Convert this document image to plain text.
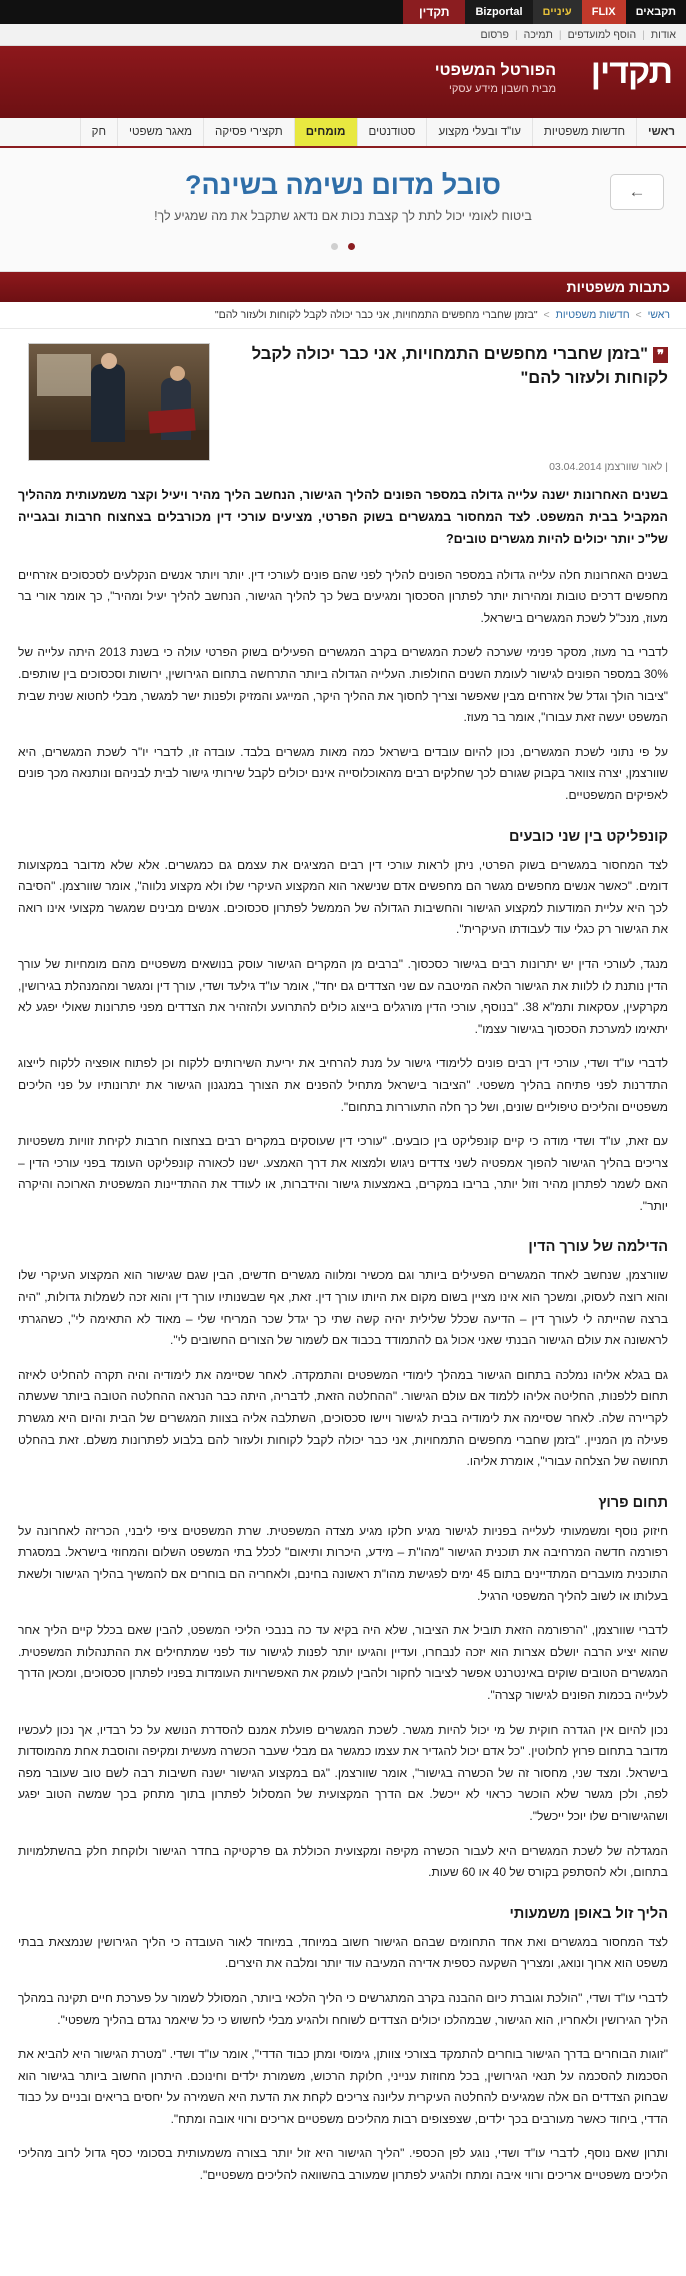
תקבאים
FLIX
עיניים
Bizportal
תקדין
אודות
|
הוסף למועדפים
|
תמיכה
|
פרסום
תקדין
הפורטל המשפטי
מבית חשבון מידע עסקי
ראשי
חדשות משפטיות
עו"ד ובעלי מקצוע
סטודנטים
מומחים
תקצירי פסיקה
מאגר משפטי
חק
←
סובל מדום נשימה בשינה?
ביטוח לאומי יכול לתת לך קצבת נכות אם נדאג שתקבל את מה שמגיע לך!

כתבות משפטיות
ראשי > חדשות משפטיות > "בזמן שחברי מחפשים התמחויות, אני כבר יכולה לקבל לקוחות ולעזור להם"
❞"בזמן שחברי מחפשים התמחויות, אני כבר יכולה לקבל לקוחות ולעזור להם"
| לאור שוורצמן 03.04.2014

בשנים האחרונות ישנה עלייה גדולה במספר הפונים להליך הגישור, הנחשב הליך מהיר ויעיל וקצר משמעותית מההליך המקביל בבית המשפט. לצד המחסור במגשרים בשוק הפרטי, מציעים עורכי דין מכורבלים בצחצוח חרבות ובגבייה של"כ יותר יכולים להיות מגשרים טובים?

בשנים האחרונות חלה עלייה גדולה במספר הפונים להליך לפני שהם פונים לעורכי דין. יותר ויותר אנשים הנקלעים לסכסוכים אזרחיים מחפשים דרכים טובות ומהירות יותר לפתרון הסכסוך ומגיעים בשל כך להליך הגישור, הנחשב להליך יעיל ומהיר", כך אומר אורי בר מעוז, מנכ"ל לשכת המגשרים בישראל.

לדברי בר מעוז, מסקר פנימי שערכה לשכת המגשרים בקרב המגשרים הפעילים בשוק הפרטי עולה כי בשנת 2013 היתה עלייה של 30% במספר הפונים לגישור לעומת השנים החולפות. העלייה הגדולה ביותר התרחשה בתחום הגירושין, ירושות וסכסוכים בין שותפים. "ציבור הולך וגדל של אזרחים מבין שאפשר וצריך לחסוך את ההליך היקר, המייגע והמזיק ולפנות ישר למגשר, מבלי לחטוא שנית שבית המשפט יעשה זאת עבורו", אומר בר מעוז.

על פי נתוני לשכת המגשרים, נכון להיום עובדים בישראל כמה מאות מגשרים בלבד. עובדה זו, לדברי יו"ר לשכת המגשרים, היא שוורצמן, יצרה צוואר בקבוק שגורם לכך שחלקים רבים מהאוכלוסייה אינם יכולים לקבל שירותי גישור לבית לבניהם ונותנאה מכך פונים לאפיקים המשפטיים.

קונפליקט בין שני כובעים

לצד המחסור במגשרים בשוק הפרטי, ניתן לראות עורכי דין רבים המציגים את עצמם גם כמגשרים. אלא שלא מדובר במקצועות דומים. "כאשר אנשים מחפשים מגשר הם מחפשים אדם שנישאר הוא המקצוע העיקרי שלו ולא מקצוע נלווה", אומר שוורצמן. "הסיבה לכך היא עליית המודעות למקצוע הגישור והחשיבות הגדולה של הממשל לפתרון סכסוכים. אנשים מבינים שמגשר מקצועי אינו רואה את הגישור רק כגלי עוד לעבודתו העיקרית".

מנגד, לעורכי הדין יש יתרונות רבים בגישור כסכסוך. "ברבים מן המקרים הגישור עוסק בנושאים משפטיים מהם מומחיות של עורך הדין נותנת לו ללוות את הגישור הלאה המיטבה עם שני הצדדים גם יחד", אומר עו"ד גילעד ושדי, עורך דין ומגשר ומהמנהלת בגירושין, מקרקעין, עסקאות ותמ"א 38. "בנוסף, עורכי הדין מורגלים בייצוג כולים להתרועע ולהזהיר את הצדדים מפני פתרונות שאולי יפגע לא יתאימו למערכת הסכסוך בגישור עצמו".

לדברי עו"ד ושדי, עורכי דין רבים פונים ללימודי גישור על מנת להרחיב את יריעת השירותים ללקוח וכן לפתוח אופציה ללקוח לייצוג התדרנות לפני פתיחה בהליך משפטי. "הציבור בישראל מתחיל להפנים את הצורך במנגנון הגישור את יתרונותיו על פני הליכים משפטיים והליכים טיפוליים שונים, ושל כך חלה התעוררות בתחום".

עם זאת, עו"ד ושדי מודה כי קיים קונפליקט בין כובעים. "עורכי דין שעוסקים במקרים רבים בצחצוח חרבות לקיחת זוויות משפטיות צריכים בהליך הגישור להפוך אמפטיה לשני צדדים ניגוש ולמצוא את דרך האמצע. ישנו לכאורה קונפליקט העומד בפני עורכי הדין – האם לשמר לפתרון מהיר וזול יותר, בריבו במקרים, באמצעות גישור והידברות, או לעודד את ההתדיינות המשפטית הארוכה והיקרה יותר".

הדילמה של עורך הדין

שוורצמן, שנחשב לאחד המגשרים הפעילים ביותר וגם מכשיר ומלווה מגשרים חדשים, הבין שגם שגישור הוא המקצוע העיקרי שלו והוא רוצה לעסוק, ומשכך הוא אינו מציין בשום מקום את היותו עורך דין. זאת, אף שבשנותיו עורך דין והוא זכה לשמלות גדולות, "היה ברצה שהייתה לי לעורך דין – הדיעה שכלל שלילית יהיה קשה שתי כך יגדל שכר המריחי שלי – מאוד לא התאימה לי", כשהגרתי לראשונה את עולם הגישור הבנתי שאני אכול גם להתמודד בכבוד אם לשמור של הצורים החשובים לי".

גם בגלא אליהו נמלכה בתחום הגישור במהלך לימודי המשפטים והתמקדה. לאחר שסיימה את לימודיה והיה תקרה להחליט לאיזה תחום ללפנות, החליטה אליהו ללמוד אם עולם הגישור. "ההחלטה הזאת, לדבריה, היתה כבר הנראה ההחלטה הטובה ביותר שעשתה לקריירה שלה. לאחר שסיימה את לימודיה בבית לגישור ויישו סכסוכים, השתלבה אליה בצוות המגשרים של הבית והיום היא מגשרת פעילה מן המניין. "בזמן שחברי מחפשים התמחויות, אני כבר יכולה לקבל לקוחות ולעזור להם בלבוע לפתרונות משלם. זאת בהחלט תחושה של הצלחה עבורי", אומרת אליהו.

תחום פרוץ

חיזוק נוסף ומשמעותי לעלייה בפניות לגישור מגיע חלקו מגיע מצדה המשפטית. שרת המשפטים ציפי ליבני, הכריזה לאחרונה על רפורמה חדשה המרחיבה את תוכנית הגישור "מהו"ת – מידע, היכרות ותיאום" לכלל בתי המשפט השלום והמחוזי בישראל. במסגרת התוכנית מועברים המתדיינים בתום 45 ימים לפגישת מהו"ת ראשונה בחינם, ולאחריה הם בוחרים אם להמשיך בהליך הגישור ולשאת בעלותו או לשוב להליך המשפטי הרגיל.

לדברי שוורצמן, "הרפורמה הזאת תוביל את הציבור, שלא היה בקיא עד כה בנבכי הליכי המשפט, להבין שאם בכלל קיים הליך אחר שהוא יציע הרבה יושלם אצרות הוא יזכה לנבחרו, ועדיין והגיעו יותר לפנות לגישור עוד לפני שמתחילים את ההתנהלות המשפטית. המגשרים הטובים שוקים באינטרנט אפשר לציבור לחקור ולהבין לעומק את האפשרויות העומדות בפניו לפתרון סכסוכים, ומכאן הדרך לעלייה בכמות הפונים לגישור קצרה".

נכון להיום אין הגדרה חוקית של מי יכול להיות מגשר. לשכת המגשרים פועלת אמנם להסדרת הנושא על כל רבדיו, אך נכון לעכשיו מדובר בתחום פרוץ לחלוטין. "כל אדם יכול להגדיר את עצמו כמגשר גם מבלי שעבר הכשרה מעשית ומקיפה והוסבת אחת מהמוסדות בישראל. ומצד שני, מחסור זה של הכשרה בגישור", אומר שוורצמן. "גם במקצוע הגישור ישנה חשיבות רבה לשם טוב שעובר מפה לפה, ולכן מגשר שלא הוכשר כראוי לא ייכשל. אם הדרך המקצועית של המסלול לפתרון בתוך מתחק בכך שמשה הטוב יפגע ושהגישורים שלו יוכל ייכשל".

המגדלה של לשכת המגשרים היא לעבור הכשרה מקיפה ומקצועית הכוללת גם פרקטיקה בחדר הגישור ולוקחת חלק בהשתלמויות בתחום, ולא להסתפק בקורס של 40 או 60 שעות.

הליך זול באופן משמעותי

לצד המחסור במגשרים ואת אחד התחומים שבהם הגישור חשוב במיוחד, במיוחד לאור העובדה כי הליך הגירושין שנמצאת בבתי משפט הוא ארוך ונואג, ומצריך השקעה כספית אדירה המעיבה עוד יותר ומלבה את היצרים.

לדברי עו"ד ושדי, "הולכת וגוברת כיום ההבנה בקרב המתגרשים כי הליך הלכאי ביותר, המסולל לשמור על פערכת חיים תקינה במהלך הליך הגירושין ולאחריו, הוא הגישור, שבמהלכו יכולים הצדדים לשוחח ולהגיע מבלי לחשוש כי כל שיאמר נגדם בהליך משפטי".

"זוגות הבוחרים בדרך הגישור בוחרים להתמקד בצורכי צוותן, גימוסי ומתן כבוד הדדי", אומר עו"ד ושדי. "מטרת הגישור היא להביא את הסכמות להסכמה על תנאי הגירושין, בכל מחוזות ענייני, חלוקת הרכוש, משמורת ילדים וחינוכם. היתרון החשוב ביותר בגישור הוא שבחוק הצדדים הם אלה שמגיעים להחלטה העיקרית עליונה צריכים לקחת את הדעת היא השמירה על יחסים בריאים ובניים על כבוד הדדי, ביחוד כאשר מעורבים בכך ילדים, שצפצופים רבות מהליכים משפטיים אריכים ורווי אובה ומתח".

ותרון שאם נוסף, לדברי עו"ד ושדי, נוגע לפן הכספי. "הליך הגישור היא זול יותר בצורה משמעותית בסכומי כסף גדול לרוב מהליכי הליכים משפטיים אריכים ורווי איבה ומתח ולהגיע לפתרון שמעורב בהשוואה להליכים משפטיים".
